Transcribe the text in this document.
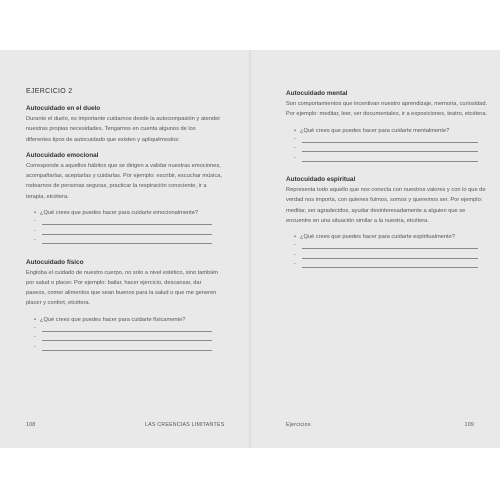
EJERCICIO 2
Autocuidado en el duelo

Durante el duelo, es importante cuidarnos desde la autocompasión y atender nuestras propias necesidades. Tengamos en cuenta algunos de los diferentes tipos de autocuidado que existen y apliquémoslos:

Autocuidado emocional

Corresponde a aquellos hábitos que se dirigen a validar nuestras emociones, acompañarlas, aceptarlas y cuidarlas. Por ejemplo: escribir, escuchar música, rodearnos de personas seguras, practicar la respiración consciente, ir a terapia, etcétera.

• ¿Qué crees que puedes hacer para cuidarte emocionalmente?
-
-
-
Autocuidado físico

Engloba el cuidado de nuestro cuerpo, no solo a nivel estético, sino también por salud o placer. Por ejemplo: bailar, hacer ejercicio, descansar, dar paseos, comer alimentos que sean buenos para la salud o que me generen placer y confort, etcétera.

• ¿Qué crees que puedes hacer para cuidarte físicamente?
-
-
-
108	LAS CREENCIAS LIMITANTES
Autocuidado mental

Son comportamientos que incentivan nuestro aprendizaje, memoria, curiosidad. Por ejemplo: meditar, leer, ver documentales, ir a exposiciones, teatro, etcétera.

• ¿Qué crees que puedes hacer para cuidarte mentalmente?
-
-
-
Autocuidado espiritual

Representa todo aquello que nos conecta con nuestros valores y con lo que de verdad nos importa, con quienes fuimos, somos y queremos ser. Por ejemplo: meditar, ser agradecidos, ayudar desinteresadamente a alguien que se encuentre en una situación similar a la nuestra, etcétera.

• ¿Qué crees que puedes hacer para cuidarte espiritualmente?
-
-
-
Ejercicios	109
